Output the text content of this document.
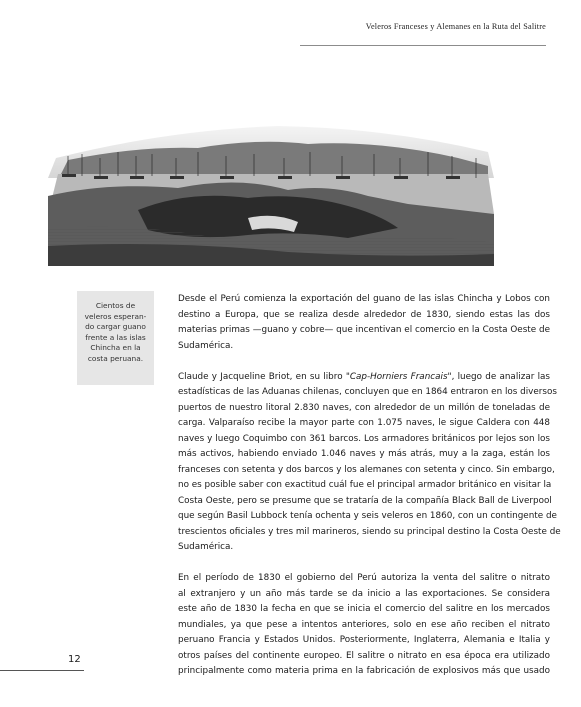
Veleros Franceses y Alemanes en la Ruta del Salitre
Cientos de
veleros esperan-
do cargar guano
frente a las islas
Chincha en la
costa peruana.
Desde el Perú comienza la exportación del guano de las islas Chincha y Lobos con
destino a Europa, que se realiza desde alrededor de 1830, siendo estas las dos
materias primas —guano y cobre— que incentivan el comercio en la Costa Oeste de
Sudamérica.
Claude y Jacqueline Briot, en su libro "Cap-Horniers Francais", luego de analizar las
estadísticas de las Aduanas chilenas, concluyen que en 1864 entraron en los diversos
puertos de nuestro litoral 2.830 naves, con alrededor de un millón de toneladas de
carga. Valparaíso recibe la mayor parte con 1.075 naves, le sigue Caldera con 448
naves y luego Coquimbo con 361 barcos. Los armadores británicos por lejos son los
más activos, habiendo enviado 1.046 naves y más atrás, muy a la zaga, están los
franceses con setenta y dos barcos y los alemanes con setenta y cinco. Sin embargo,
no es posible saber con exactitud cuál fue el principal armador británico en visitar la
Costa Oeste, pero se presume que se trataría de la compañía Black Ball de Liverpool
que según Basil Lubbock tenía ochenta y seis veleros en 1860, con un contingente de
trescientos oficiales y tres mil marineros, siendo su principal destino la Costa Oeste de
Sudamérica.
En el período de 1830 el gobierno del Perú autoriza la venta del salitre o nitrato
al extranjero y un año más tarde se da inicio a las exportaciones. Se considera
este año de 1830 la fecha en que se inicia el comercio del salitre en los mercados
mundiales, ya que pese a intentos anteriores, solo en ese año reciben el nitrato
peruano Francia y Estados Unidos. Posteriormente, Inglaterra, Alemania e Italia y
otros países del continente europeo. El salitre o nitrato en esa época era utilizado
principalmente como materia prima en la fabricación de explosivos más que usado
12
